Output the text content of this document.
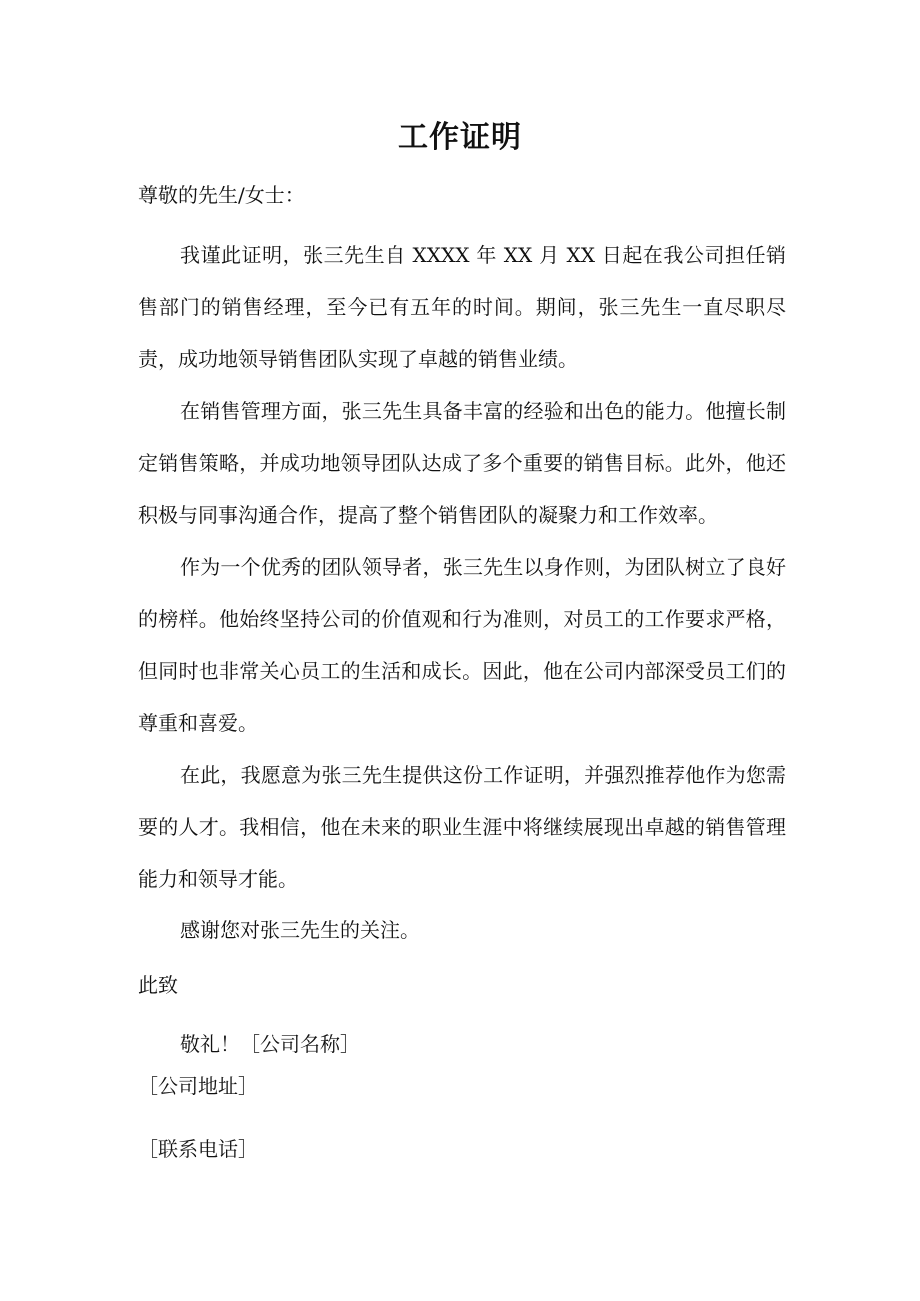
工作证明
尊敬的先生/女士：
我谨此证明，张三先生自 XXXX 年 XX 月 XX 日起在我公司担任销售部门的销售经理，至今已有五年的时间。期间，张三先生一直尽职尽责，成功地领导销售团队实现了卓越的销售业绩。
在销售管理方面，张三先生具备丰富的经验和出色的能力。他擅长制定销售策略，并成功地领导团队达成了多个重要的销售目标。此外，他还积极与同事沟通合作，提高了整个销售团队的凝聚力和工作效率。
作为一个优秀的团队领导者，张三先生以身作则，为团队树立了良好的榜样。他始终坚持公司的价值观和行为准则，对员工的工作要求严格，但同时也非常关心员工的生活和成长。因此，他在公司内部深受员工们的尊重和喜爱。
在此，我愿意为张三先生提供这份工作证明，并强烈推荐他作为您需要的人才。我相信，他在未来的职业生涯中将继续展现出卓越的销售管理能力和领导才能。
感谢您对张三先生的关注。
此致
敬礼！［公司名称］
［公司地址］
［联系电话］
